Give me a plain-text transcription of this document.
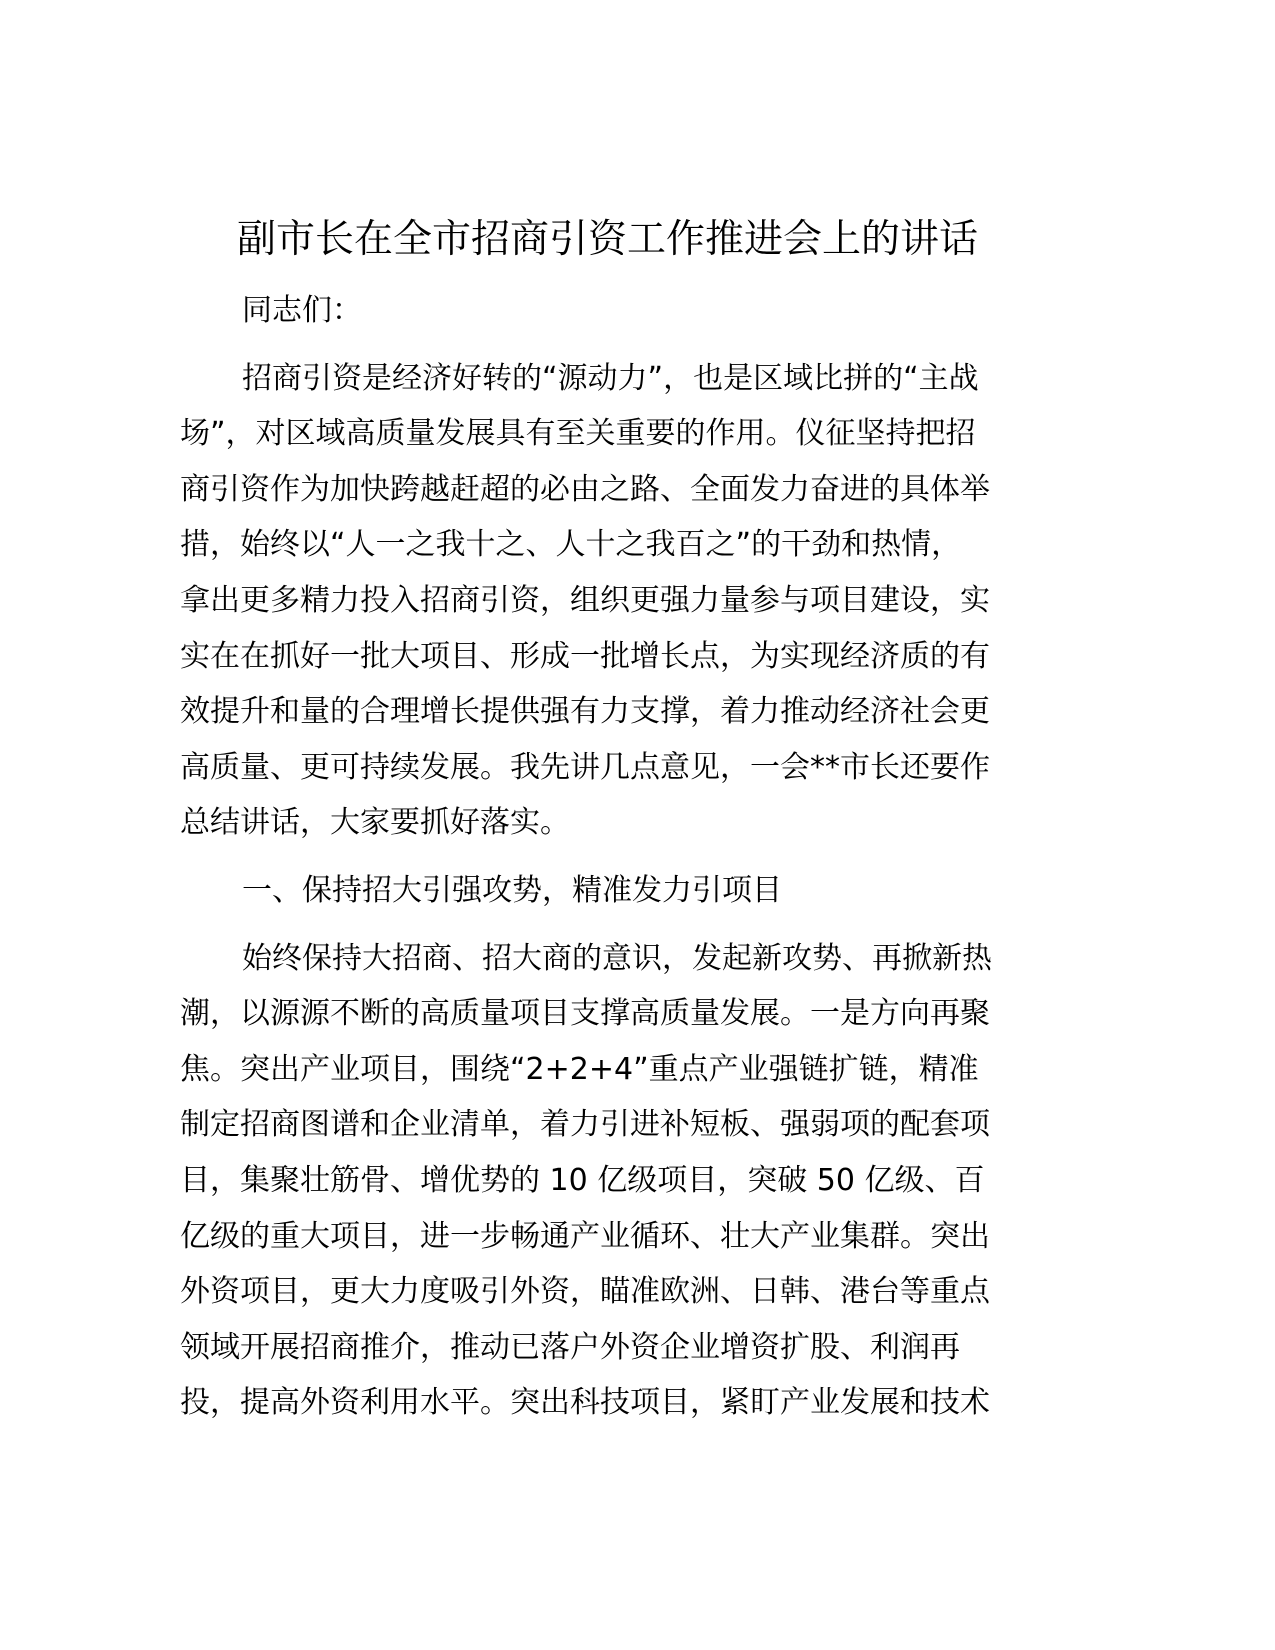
副市长在全市招商引资工作推进会上的讲话
同志们：
招商引资是经济好转的“源动力”，也是区域比拼的“主战
场”，对区域高质量发展具有至关重要的作用。仪征坚持把招
商引资作为加快跨越赶超的必由之路、全面发力奋进的具体举
措，始终以“人一之我十之、人十之我百之”的干劲和热情，
拿出更多精力投入招商引资，组织更强力量参与项目建设，实
实在在抓好一批大项目、形成一批增长点，为实现经济质的有
效提升和量的合理增长提供强有力支撑，着力推动经济社会更
高质量、更可持续发展。我先讲几点意见，一会**市长还要作
总结讲话，大家要抓好落实。
一、保持招大引强攻势，精准发力引项目
始终保持大招商、招大商的意识，发起新攻势、再掀新热
潮，以源源不断的高质量项目支撑高质量发展。一是方向再聚
焦。突出产业项目，围绕“2+2+4”重点产业强链扩链，精准
制定招商图谱和企业清单，着力引进补短板、强弱项的配套项
目，集聚壮筋骨、增优势的 10 亿级项目，突破 50 亿级、百
亿级的重大项目，进一步畅通产业循环、壮大产业集群。突出
外资项目，更大力度吸引外资，瞄准欧洲、日韩、港台等重点
领域开展招商推介，推动已落户外资企业增资扩股、利润再
投，提高外资利用水平。突出科技项目，紧盯产业发展和技术
